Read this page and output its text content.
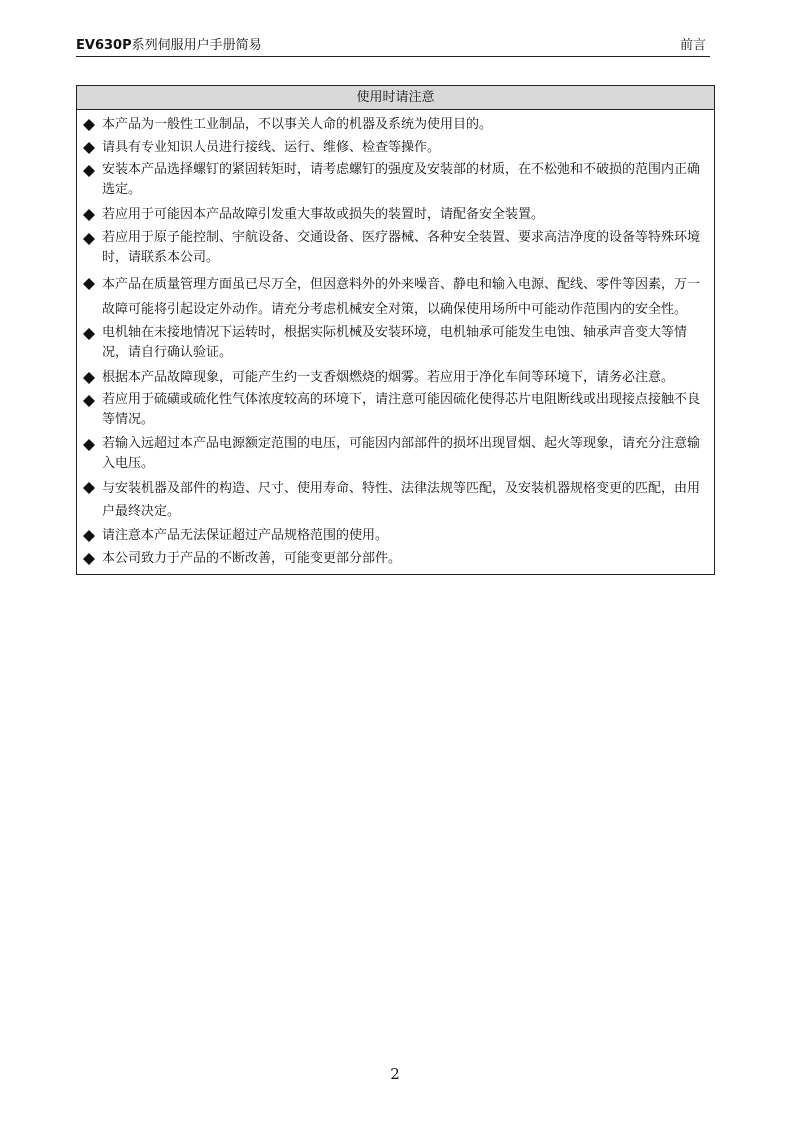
EV630P系列伺服用户手册简易	前言
使用时请注意
本产品为一般性工业制品，不以事关人命的机器及系统为使用目的。
请具有专业知识人员进行接线、运行、维修、检查等操作。
安装本产品选择螺钉的紧固转矩时，请考虑螺钉的强度及安装部的材质，在不松弛和不破损的范围内正确选定。
若应用于可能因本产品故障引发重大事故或损失的装置时，请配备安全装置。
若应用于原子能控制、宇航设备、交通设备、医疗器械、各种安全装置、要求高洁净度的设备等特殊环境时，请联系本公司。
本产品在质量管理方面虽已尽万全，但因意料外的外来噪音、静电和输入电源、配线、零件等因素，万一故障可能将引起设定外动作。请充分考虑机械安全对策，以确保使用场所中可能动作范围内的安全性。
电机轴在未接地情况下运转时，根据实际机械及安装环境，电机轴承可能发生电蚀、轴承声音变大等情况，请自行确认验证。
根据本产品故障现象，可能产生约一支香烟燃烧的烟雾。若应用于净化车间等环境下，请务必注意。
若应用于硫磺或硫化性气体浓度较高的环境下，请注意可能因硫化使得芯片电阻断线或出现接点接触不良等情况。
若输入远超过本产品电源额定范围的电压，可能因内部部件的损坏出现冒烟、起火等现象，请充分注意输入电压。
与安装机器及部件的构造、尺寸、使用寿命、特性、法律法规等匹配，及安装机器规格变更的匹配，由用户最终决定。
请注意本产品无法保证超过产品规格范围的使用。
本公司致力于产品的不断改善，可能变更部分部件。
2
